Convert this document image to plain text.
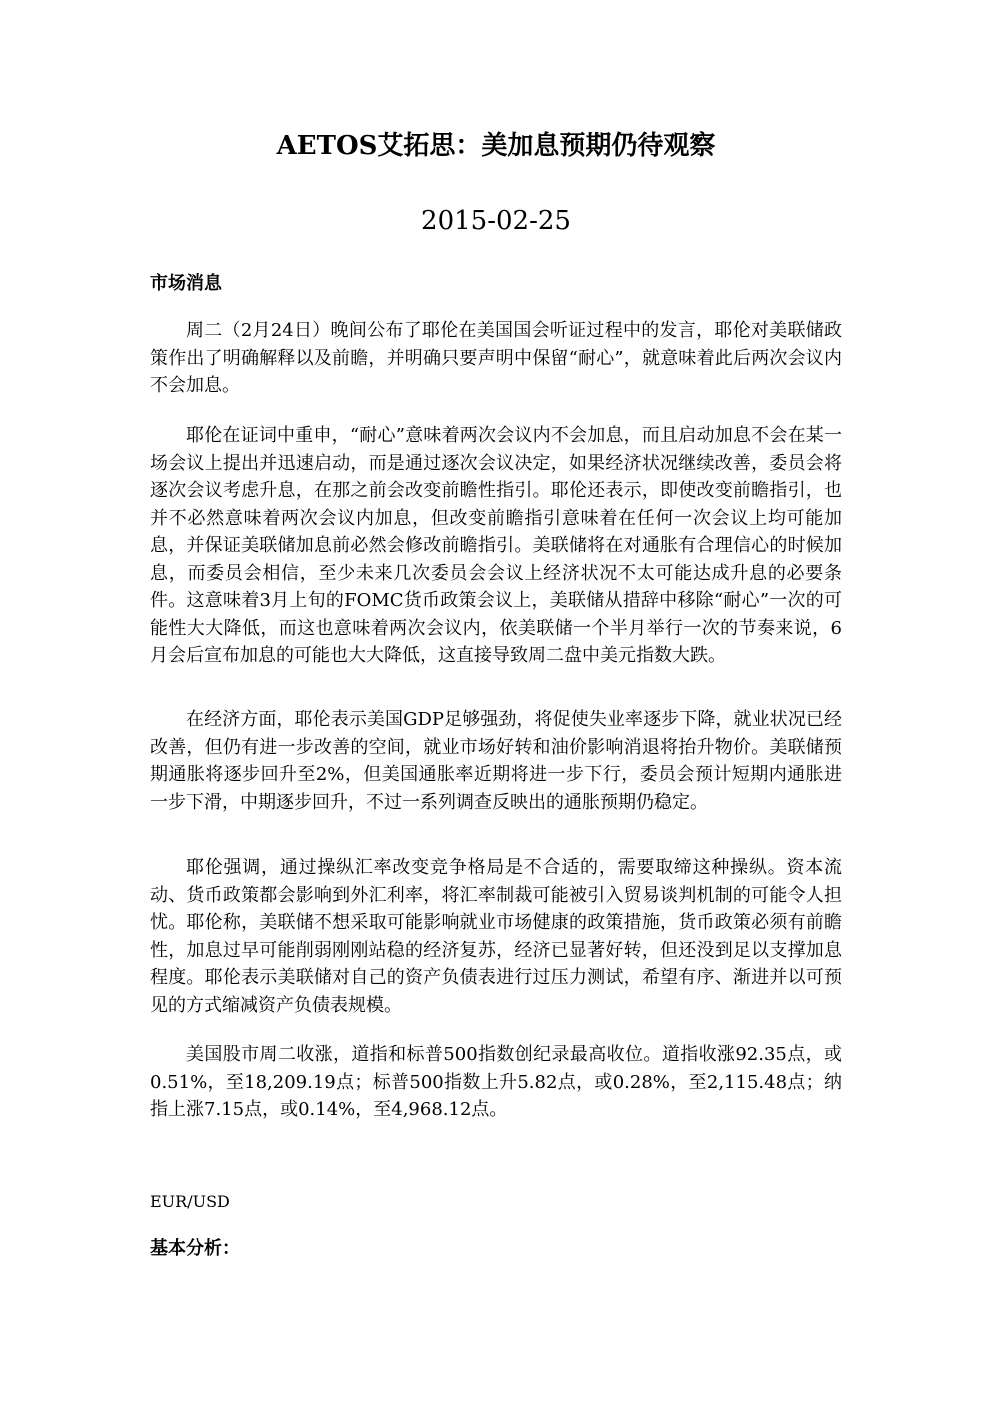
AETOS艾拓思：美加息预期仍待观察
2015-02-25
市场消息

周二（2月24日）晚间公布了耶伦在美国国会听证过程中的发言，耶伦对美联储政策作出了明确解释以及前瞻，并明确只要声明中保留“耐心”，就意味着此后两次会议内不会加息。

耶伦在证词中重申，“耐心”意味着两次会议内不会加息，而且启动加息不会在某一场会议上提出并迅速启动，而是通过逐次会议决定，如果经济状况继续改善，委员会将逐次会议考虑升息，在那之前会改变前瞻性指引。耶伦还表示，即使改变前瞻指引，也并不必然意味着两次会议内加息，但改变前瞻指引意味着在任何一次会议上均可能加息，并保证美联储加息前必然会修改前瞻指引。美联储将在对通胀有合理信心的时候加息，而委员会相信，至少未来几次委员会会议上经济状况不太可能达成升息的必要条件。这意味着3月上旬的FOMC货币政策会议上，美联储从措辞中移除“耐心”一次的可能性大大降低，而这也意味着两次会议内，依美联储一个半月举行一次的节奏来说，6月会后宣布加息的可能也大大降低，这直接导致周二盘中美元指数大跌。

在经济方面，耶伦表示美国GDP足够强劲，将促使失业率逐步下降，就业状况已经改善，但仍有进一步改善的空间，就业市场好转和油价影响消退将抬升物价。美联储预期通胀将逐步回升至2%，但美国通胀率近期将进一步下行，委员会预计短期内通胀进一步下滑，中期逐步回升，不过一系列调查反映出的通胀预期仍稳定。

耶伦强调，通过操纵汇率改变竞争格局是不合适的，需要取缔这种操纵。资本流动、货币政策都会影响到外汇利率，将汇率制裁可能被引入贸易谈判机制的可能令人担忧。耶伦称，美联储不想采取可能影响就业市场健康的政策措施，货币政策必须有前瞻性，加息过早可能削弱刚刚站稳的经济复苏，经济已显著好转，但还没到足以支撑加息程度。耶伦表示美联储对自己的资产负债表进行过压力测试，希望有序、渐进并以可预见的方式缩减资产负债表规模。

美国股市周二收涨，道指和标普500指数创纪录最高收位。道指收涨92.35点，或0.51%，至18,209.19点；标普500指数上升5.82点，或0.28%，至2,115.48点；纳指上涨7.15点，或0.14%，至4,968.12点。

EUR/USD
基本分析：
